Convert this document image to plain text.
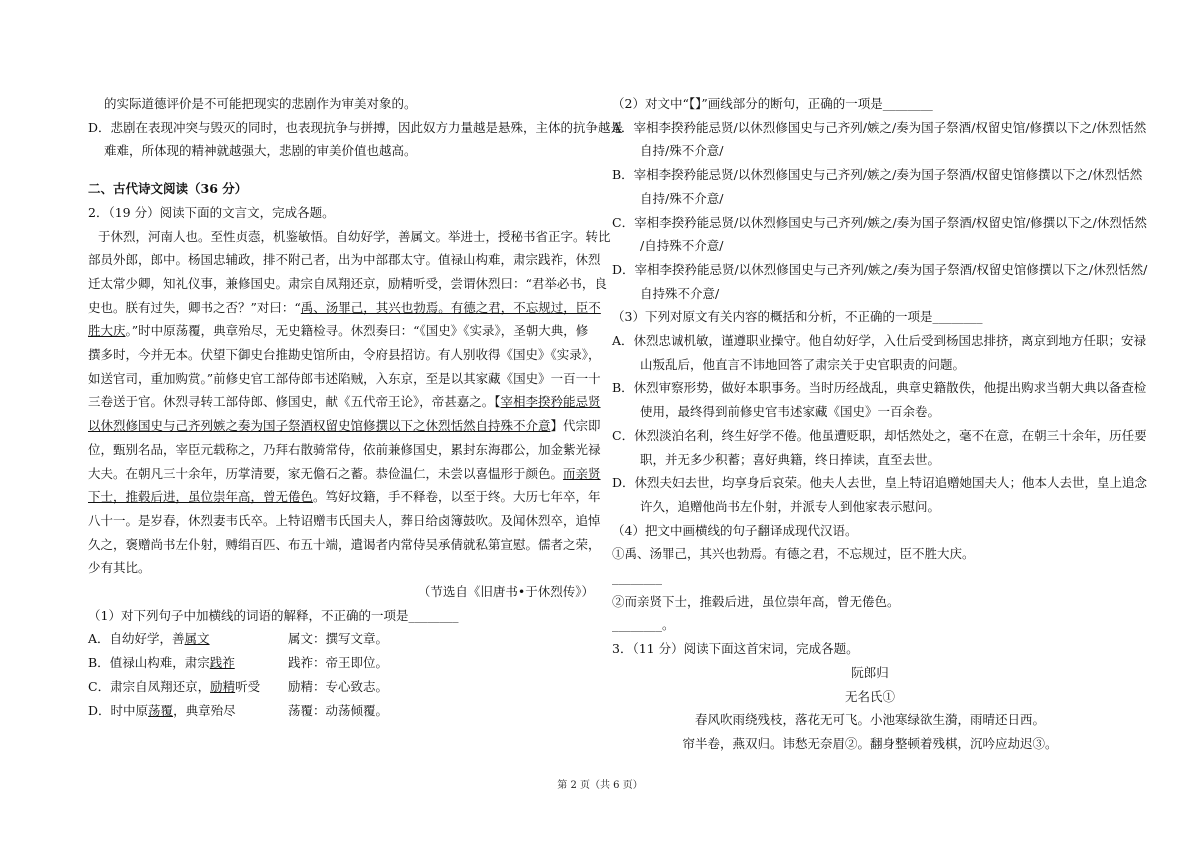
的实际道德评价是不可能把现实的悲剧作为审美对象的。
D．悲剧在表现冲突与毁灭的同时，也表现抗争与拼搏，因此奴方力量越是悬殊，主体的抗争越是
难难，所体现的精神就越强大，悲剧的审美价值也越高。
二、古代诗文阅读（36 分）
2．（19 分）阅读下面的文言文，完成各题。
于休烈，河南人也。至性贞悫，机鉴敏悟。自幼好学，善属文。举进士，授秘书省正字。转比
部员外郎，郎中。杨国忠辅政，排不附己者，出为中部郡太守。值禄山构难，肃宗践祚，休烈
迁太常少卿，知礼仪事，兼修国史。肃宗自凤翔还京，励精听受，尝谓休烈曰：“君举必书，良
史也。朕有过失，卿书之否？”对曰：“禹、汤罪己，其兴也勃焉。有德之君，不忘规过，臣不
胜大庆。”时中原荡覆，典章殆尽，无史籍检寻。休烈奏曰：“《国史》《实录》，圣朝大典，修
撰多时，今并无本。伏望下御史台推勘史馆所由，令府县招访。有人别收得《国史》《实录》，
如送官司，重加购赏。”前修史官工部侍郎韦述陷贼，入东京，至是以其家藏《国史》一百一十
三卷送于官。休烈寻转工部侍郎、修国史，献《五代帝王论》，帝甚嘉之。【宰相李揆矜能忌贤
以休烈修国史与己齐列嫉之奏为国子祭酒权留史馆修撰以下之休烈恬然自持殊不介意】代宗即
位，甄别名品，宰臣元载称之，乃拜右散骑常侍，依前兼修国史，累封东海郡公，加金紫光禄
大夫。在朝凡三十余年，历掌清要，家无儋石之蓄。恭俭温仁，未尝以喜愠形于颜色。而亲贤
下士，推毂后进，虽位崇年高，曾无倦色。笃好坟籍，手不释卷，以至于终。大历七年卒，年
八十一。是岁春，休烈妻韦氏卒。上特诏赠韦氏国夫人，葬日给卤簿鼓吹。及闻休烈卒，追悼
久之，褒赠尚书左仆射，赙绢百匹、布五十端，遣谒者内常侍吴承倩就私第宣慰。儒者之荣，
少有其比。
（节选自《旧唐书•于休烈传》）
（1）对下列句子中加横线的词语的解释，不正确的一项是________
A．自幼好学，善属文	属文：撰写文章。
B．值禄山构难，肃宗践祚	践祚：帝王即位。
C．肃宗自凤翔还京，励精听受	励精：专心致志。
D．时中原荡覆，典章殆尽	荡覆：动荡倾覆。
（2）对文中“【】”画线部分的断句，正确的一项是________
A．宰相李揆矜能忌贤/以休烈修国史与己齐列/嫉之/奏为国子祭酒/权留史馆/修撰以下之/休烈恬然
自持/殊不介意/
B．宰相李揆矜能忌贤/以休烈修国史与己齐列/嫉之/奏为国子祭酒/权留史馆修撰以下之/休烈恬然
自持/殊不介意/
C．宰相李揆矜能忌贤/以休烈修国史与己齐列/嫉之/奏为国子祭酒/权留史馆/修撰以下之/休烈恬然
/自持殊不介意/
D．宰相李揆矜能忌贤/以休烈修国史与己齐列/嫉之/奏为国子祭酒/权留史馆修撰以下之/休烈恬然/
自持殊不介意/
（3）下列对原文有关内容的概括和分析，不正确的一项是________
A．休烈忠诚机敏，谨遵职业操守。他自幼好学，入仕后受到杨国忠排挤，离京到地方任职；安禄
山叛乱后，他直言不讳地回答了肃宗关于史官职责的问题。
B．休烈审察形势，做好本职事务。当时历经战乱，典章史籍散佚，他提出购求当朝大典以备查检
使用，最终得到前修史官韦述家藏《国史》一百余卷。
C．休烈淡泊名利，终生好学不倦。他虽遭贬职，却恬然处之，毫不在意，在朝三十余年，历任要
职，并无多少积蓄；喜好典籍，终日捧读，直至去世。
D．休烈夫妇去世，均享身后哀荣。他夫人去世，皇上特诏追赠她国夫人；他本人去世，皇上追念
许久，追赠他尚书左仆射，并派专人到他家表示慰问。
（4）把文中画横线的句子翻译成现代汉语。
①禹、汤罪己，其兴也勃焉。有德之君，不忘规过，臣不胜大庆。
________
②而亲贤下士，推毂后进，虽位崇年高，曾无倦色。
________。
3．（11 分）阅读下面这首宋词，完成各题。
阮郎归
无名氏①
春风吹雨绕残枝，落花无可飞。小池寒绿欲生漪，雨晴还日西。
帘半卷，燕双归。讳愁无奈眉②。翻身整顿着残棋，沉吟应劫迟③。
第 2 页（共 6 页）
